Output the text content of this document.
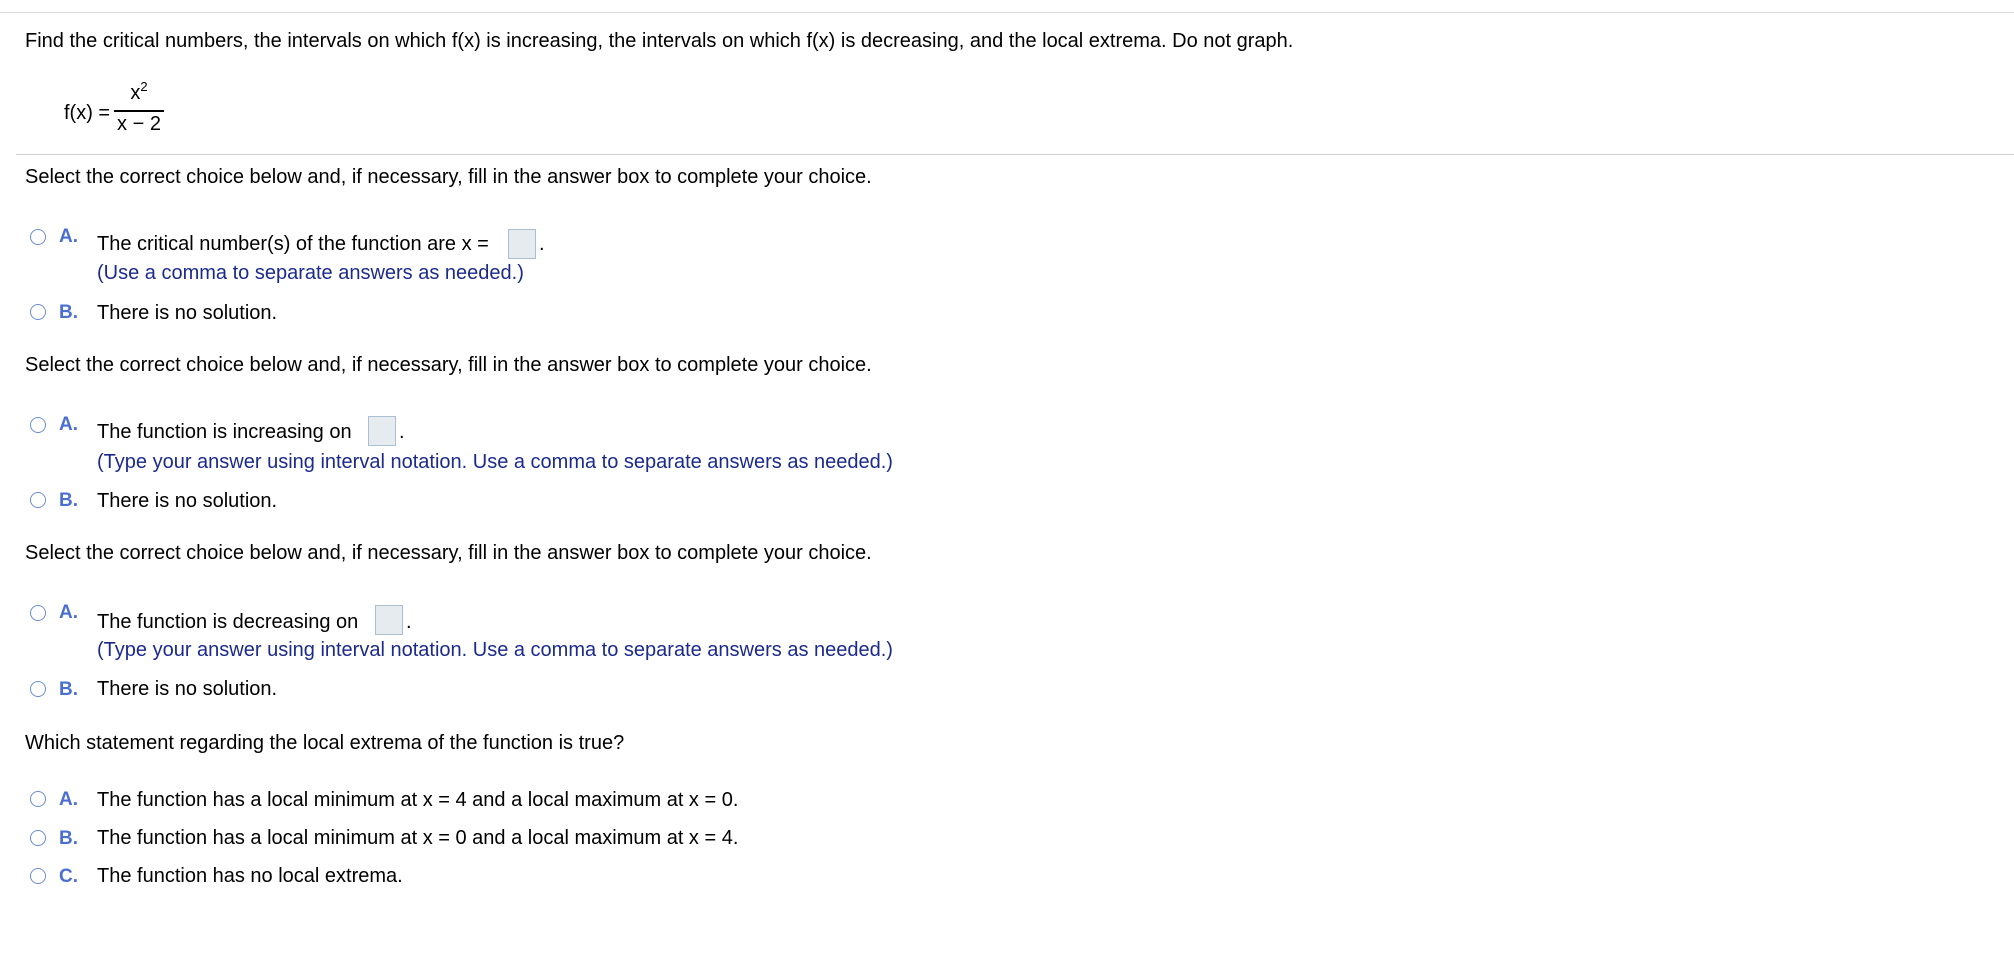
Find the critical numbers, the intervals on which f(x) is increasing, the intervals on which f(x) is decreasing, and the local extrema. Do not graph.
f(x) =
$x^2$
x − 2
Select the correct choice below and, if necessary, fill in the answer box to complete your choice.
A. The critical number(s) of the function are x =	.
(Use a comma to separate answers as needed.)
B. There is no solution.
Select the correct choice below and, if necessary, fill in the answer box to complete your choice.
A. The function is increasing on .
(Type your answer using interval notation. Use a comma to separate answers as needed.)
B. There is no solution.
Select the correct choice below and, if necessary, fill in the answer box to complete your choice.
A. The function is decreasing on .
(Type your answer using interval notation. Use a comma to separate answers as needed.)
B. There is no solution.
Which statement regarding the local extrema of the function is true?
A. The function has a local minimum at x = 4 and a local maximum at x = 0.
B. The function has a local minimum at x = 0 and a local maximum at x = 4.
C. The function has no local extrema.
